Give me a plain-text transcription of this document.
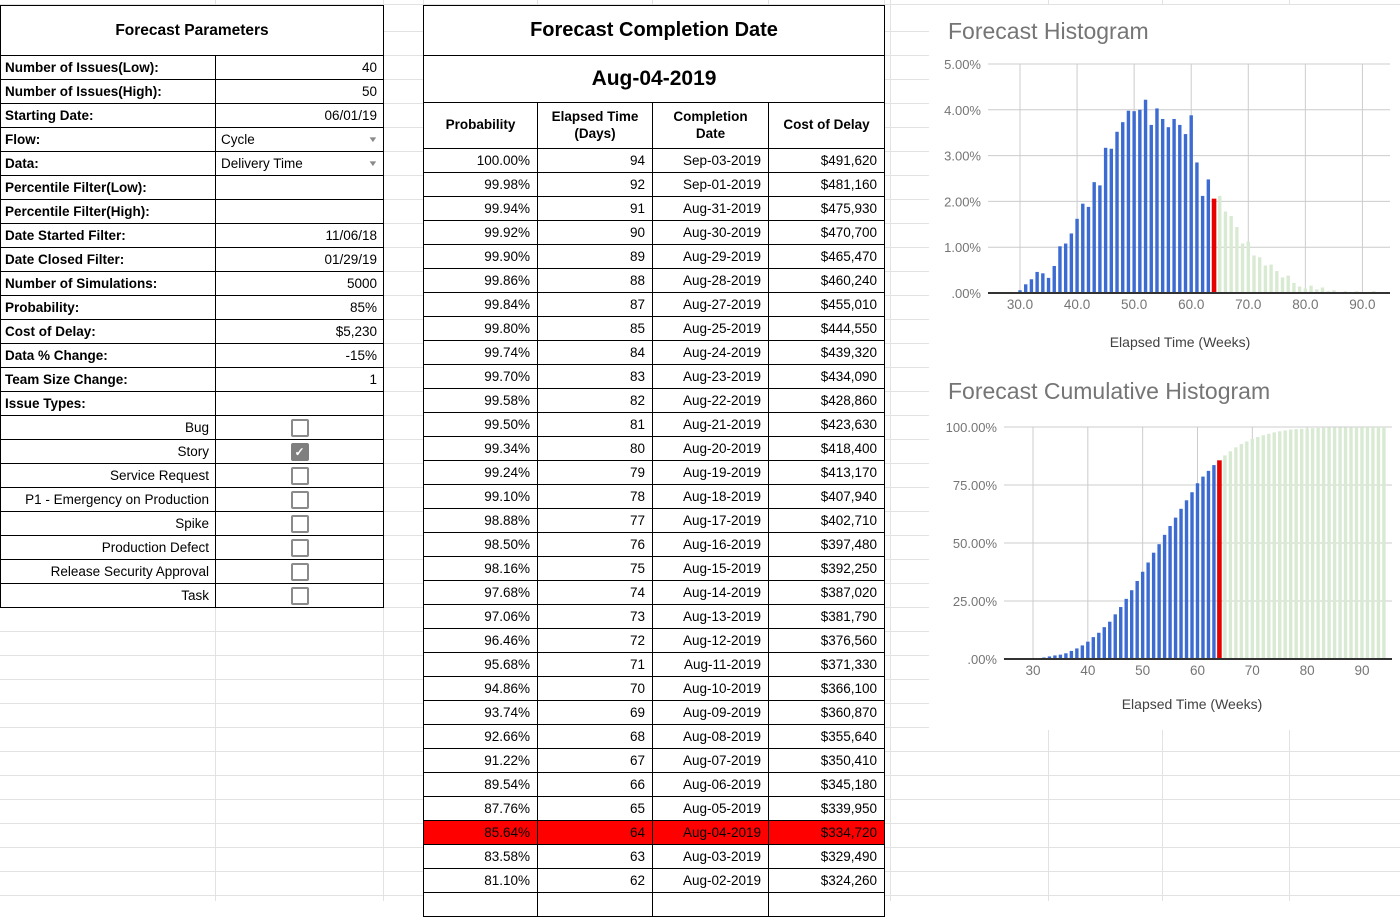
Forecast Parameters	
Number of Issues(Low):	40
Number of Issues(High):	50
Starting Date:	06/01/19
Flow:	Cycle ▼

Data:	Delivery Time ▼

Percentile Filter(Low):	
Percentile Filter(High):	
Date Started Filter:	11/06/18
Date Closed Filter:	01/29/19
Number of Simulations:	5000
Probability:	85%
Cost of Delay:	$5,230
Data % Change:	-15%
Team Size Change:	1
Issue Types:	
Bug	
Story	✓
Service Request	
P1 - Emergency on Production	
Spike	
Production Defect	
Release Security Approval	
Task	
Forecast Completion Date			
Aug-04-2019			
Probability	Elapsed Time (Days)	Completion Date	Cost of Delay
100.00%	94	Sep-03-2019	$491,620
99.98%	92	Sep-01-2019	$481,160
99.94%	91	Aug-31-2019	$475,930
99.92%	90	Aug-30-2019	$470,700
99.90%	89	Aug-29-2019	$465,470
99.86%	88	Aug-28-2019	$460,240
99.84%	87	Aug-27-2019	$455,010
99.80%	85	Aug-25-2019	$444,550
99.74%	84	Aug-24-2019	$439,320
99.70%	83	Aug-23-2019	$434,090
99.58%	82	Aug-22-2019	$428,860
99.50%	81	Aug-21-2019	$423,630
99.34%	80	Aug-20-2019	$418,400
99.24%	79	Aug-19-2019	$413,170
99.10%	78	Aug-18-2019	$407,940
98.88%	77	Aug-17-2019	$402,710
98.50%	76	Aug-16-2019	$397,480
98.16%	75	Aug-15-2019	$392,250
97.68%	74	Aug-14-2019	$387,020
97.06%	73	Aug-13-2019	$381,790
96.46%	72	Aug-12-2019	$376,560
95.68%	71	Aug-11-2019	$371,330
94.86%	70	Aug-10-2019	$366,100
93.74%	69	Aug-09-2019	$360,870
92.66%	68	Aug-08-2019	$355,640
91.22%	67	Aug-07-2019	$350,410
89.54%	66	Aug-06-2019	$345,180
87.76%	65	Aug-05-2019	$339,950
85.64%	64	Aug-04-2019	$334,720
83.58%	63	Aug-03-2019	$329,490
81.10%	62	Aug-02-2019	$324,260

Forecast Histogram
.00%
1.00%
2.00%
3.00%
4.00%
5.00%
30.0 40.0 50.0 60.0 70.0 80.0 90.0
Elapsed Time (Weeks)
Forecast Cumulative Histogram
.00%
25.00%
50.00%
75.00%
100.00%
30	40	50	60	70	80	90
Elapsed Time (Weeks)
